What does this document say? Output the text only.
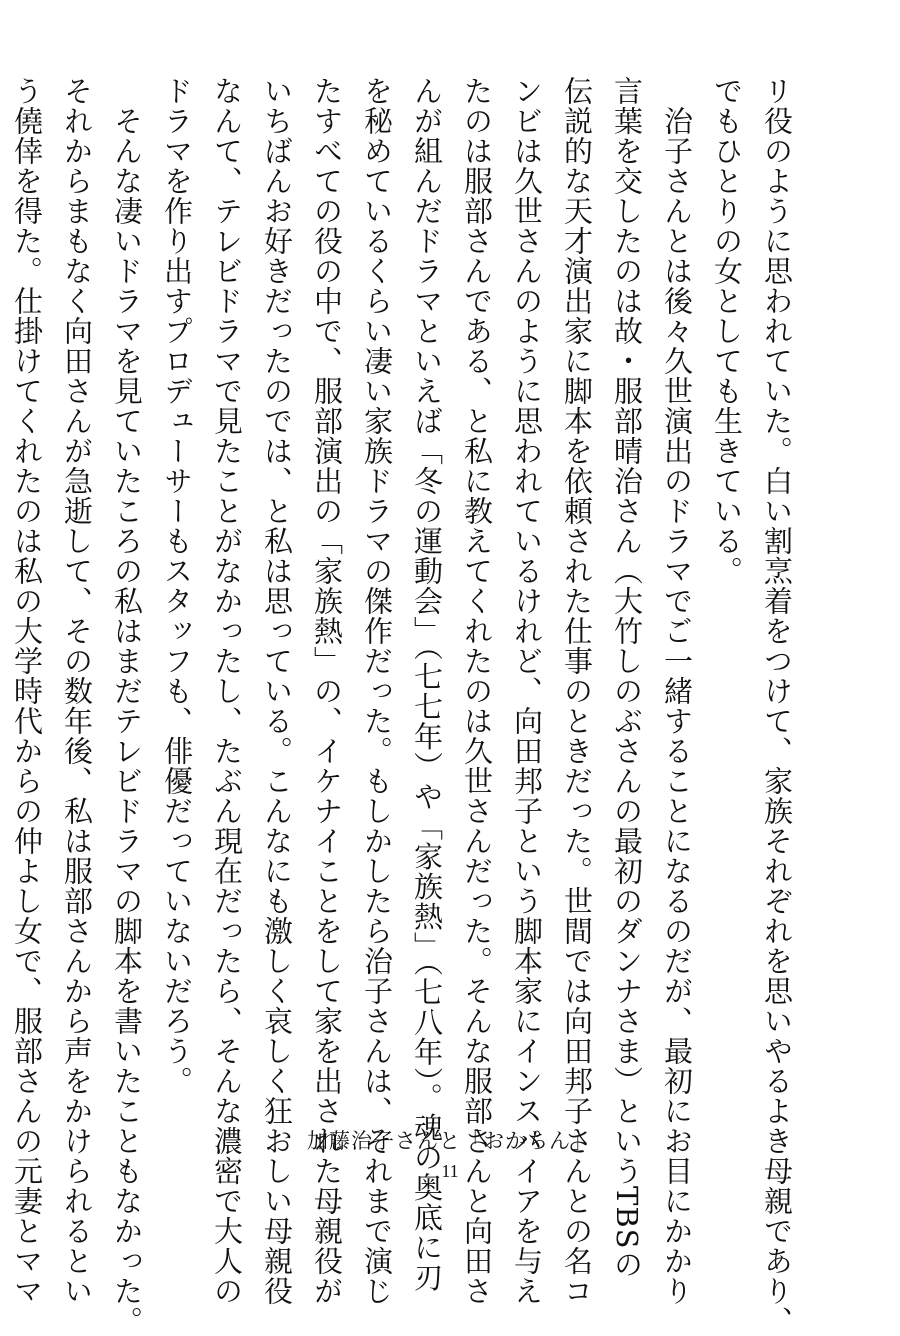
リ役のように思われていた。白い割烹着をつけて、家族それぞれを思いやるよき母親であり、
でもひとりの女としても生きている。
　治子さんとは後々久世演出のドラマでご一緒することになるのだが、最初にお目にかかり
言葉を交したのは故・服部晴治さん（大竹しのぶさんの最初のダンナさま）というTBSの
伝説的な天才演出家に脚本を依頼された仕事のときだった。世間では向田邦子さんとの名コ
ンビは久世さんのように思われているけれど、向田邦子という脚本家にインスパイアを与え
たのは服部さんである、と私に教えてくれたのは久世さんだった。そんな服部さんと向田さ
んが組んだドラマといえば「冬の運動会」（七七年）や「家族熱」（七八年）。魂の奥底に刃
を秘めているくらい凄い家族ドラマの傑作だった。もしかしたら治子さんは、それまで演じ
たすべての役の中で、服部演出の「家族熱」の、イケナイことをして家を出された母親役が
いちばんお好きだったのでは、と私は思っている。こんなにも激しく哀しく狂おしい母親役
なんて、テレビドラマで見たことがなかったし、たぶん現在だったら、そんな濃密で大人の
ドラマを作り出すプロデューサーもスタッフも、俳優だっていないだろう。
　そんな凄いドラマを見ていたころの私はまだテレビドラマの脚本を書いたこともなかった。
それからまもなく向田さんが急逝して、その数年後、私は服部さんから声をかけられるとい
う僥倖を得た。仕掛けてくれたのは私の大学時代からの仲よし女で、服部さんの元妻とママ	加藤治子さんと「おかちん」
11
